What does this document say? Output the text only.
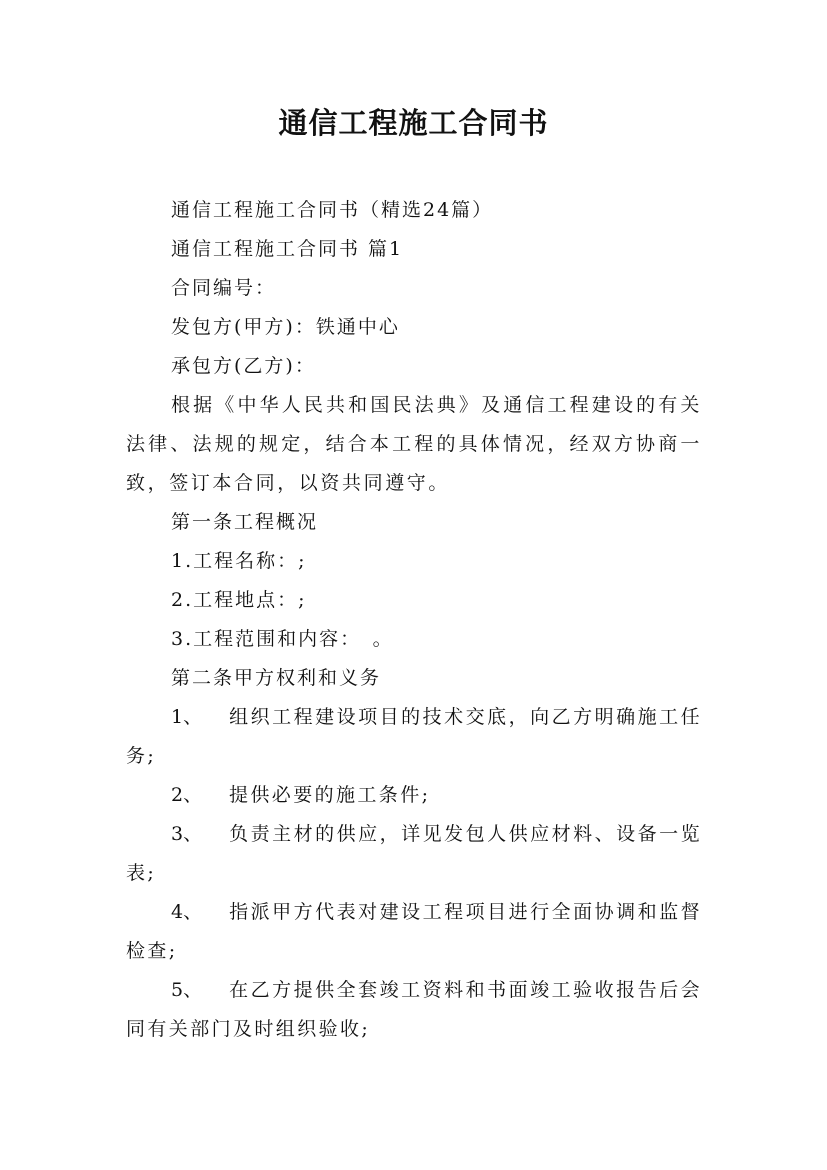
通信工程施工合同书

通信工程施工合同书（精选24篇）

通信工程施工合同书 篇1

合同编号：

发包方(甲方)：铁通中心

承包方(乙方)：

根据《中华人民共和国民法典》及通信工程建设的有关法律、法规的规定，结合本工程的具体情况，经双方协商一致，签订本合同，以资共同遵守。

第一条工程概况

1.工程名称：;

2.工程地点：;

3.工程范围和内容：　。

第二条甲方权利和义务

1、 组织工程建设项目的技术交底，向乙方明确施工任务;

2、 提供必要的施工条件;

3、 负责主材的供应，详见发包人供应材料、设备一览表;

4、 指派甲方代表对建设工程项目进行全面协调和监督检查;

5、 在乙方提供全套竣工资料和书面竣工验收报告后会同有关部门及时组织验收;
